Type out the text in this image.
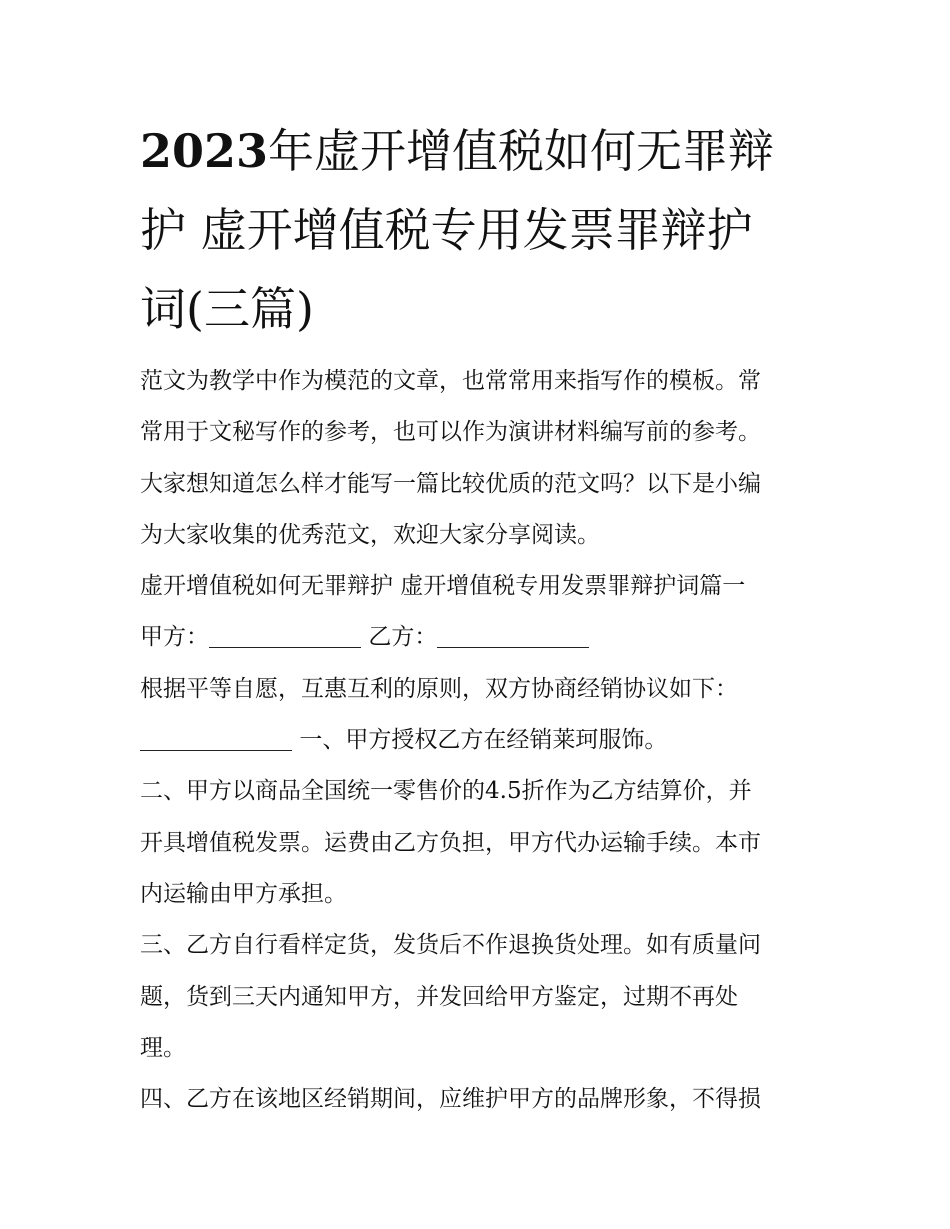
2023年虚开增值税如何无罪辩
护 虚开增值税专用发票罪辩护
词(三篇)
范文为教学中作为模范的文章，也常常用来指写作的模板。常
常用于文秘写作的参考，也可以作为演讲材料编写前的参考。
大家想知道怎么样才能写一篇比较优质的范文吗？以下是小编
为大家收集的优秀范文，欢迎大家分享阅读。
虚开增值税如何无罪辩护 虚开增值税专用发票罪辩护词篇一
甲方：	乙方：
根据平等自愿，互惠互利的原则，双方协商经销协议如下：
一、甲方授权乙方在经销莱珂服饰。
二、甲方以商品全国统一零售价的4.5折作为乙方结算价，并
开具增值税发票。运费由乙方负担，甲方代办运输手续。本市
内运输由甲方承担。
三、乙方自行看样定货，发货后不作退换货处理。如有质量问
题，货到三天内通知甲方，并发回给甲方鉴定，过期不再处
理。
四、乙方在该地区经销期间，应维护甲方的品牌形象，不得损
